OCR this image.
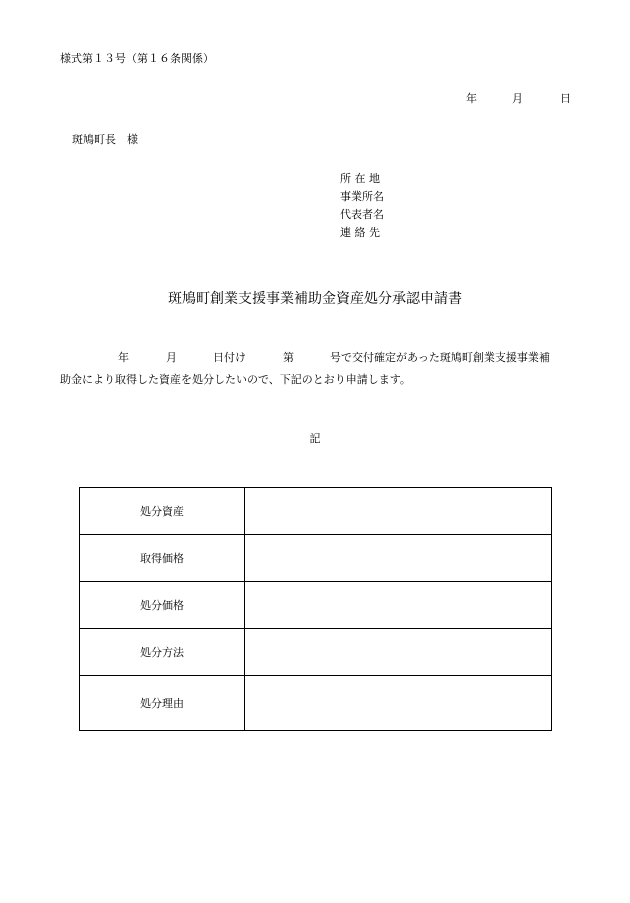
様式第１３号（第１６条関係）
年	月	日
斑鳩町長　様
所 在 地
事業所名
代表者名
連 絡 先
斑鳩町創業支援事業補助金資産処分承認申請書
年	月	日付け	第	号で交付確定があった斑鳩町創業支援事業補
助金により取得した資産を処分したいので、下記のとおり申請します。
記
処分資産	
取得価格	
処分価格	
処分方法	
処分理由	
